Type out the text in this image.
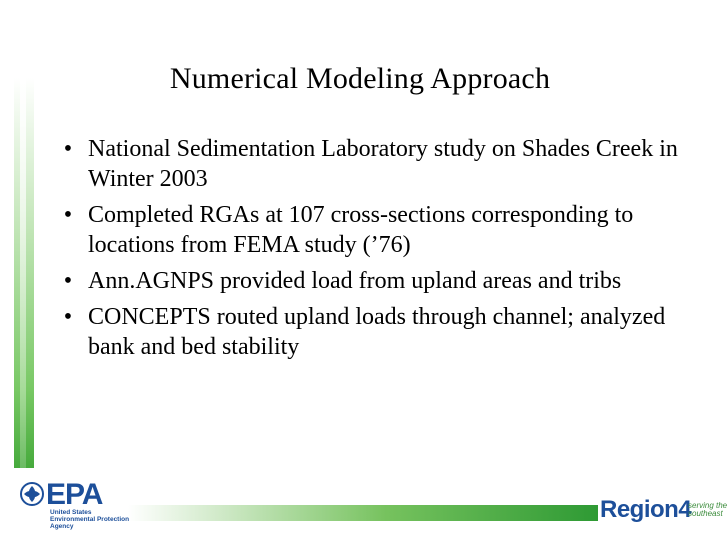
Numerical Modeling Approach
• National Sedimentation Laboratory study on Shades Creek in Winter 2003
• Completed RGAs at 107 cross-sections corresponding to locations from FEMA study (’76)
• Ann.AGNPS provided load from upland areas and tribs
• CONCEPTS routed upland loads through channel; analyzed bank and bed stability
EPA
United States
Environmental Protection
Agency
Region4
serving the southeast
